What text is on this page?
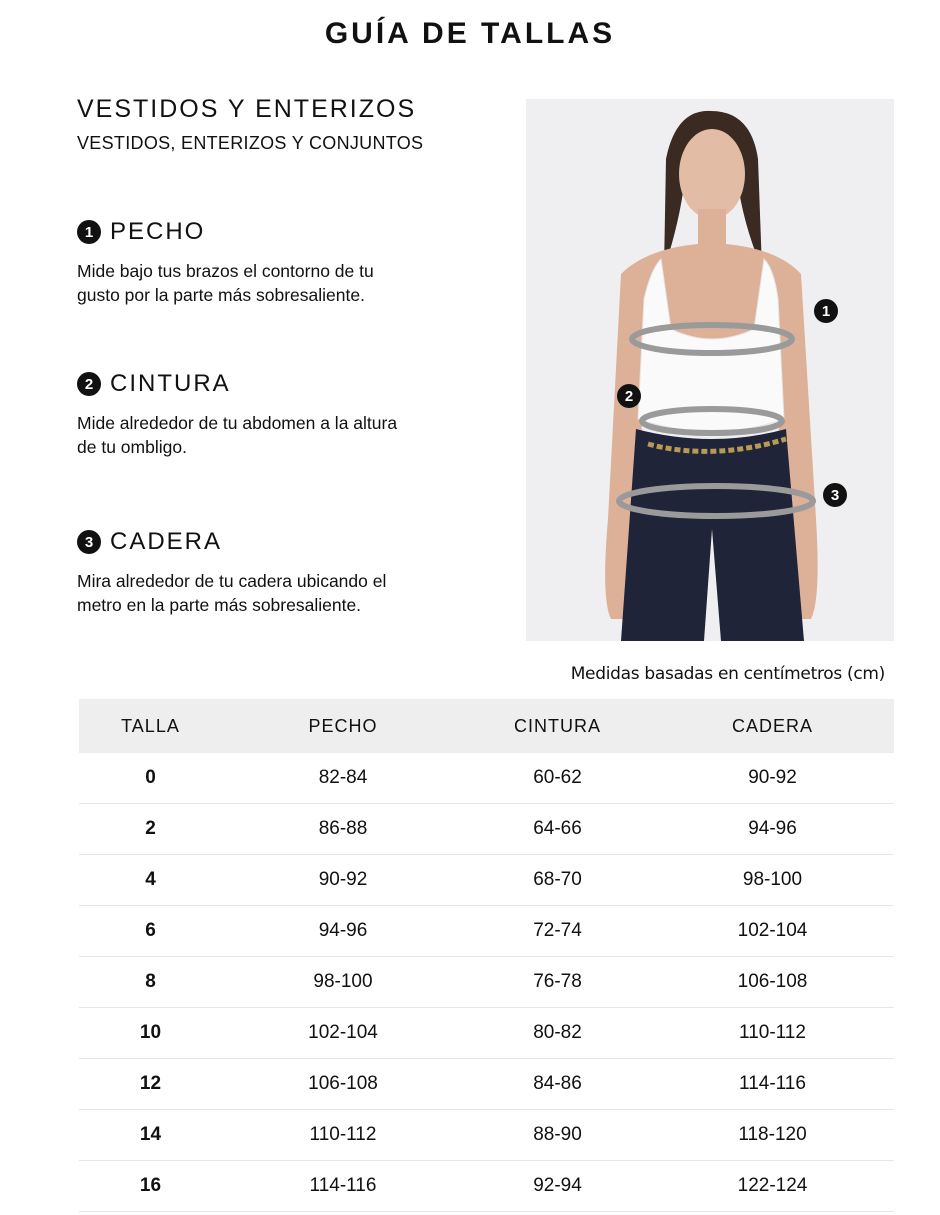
GUÍA DE TALLAS
VESTIDOS Y ENTERIZOS
VESTIDOS, ENTERIZOS Y CONJUNTOS
1 PECHO
Mide bajo tus brazos el contorno de tu gusto por la parte más sobresaliente.
2 CINTURA
Mide alrededor de tu abdomen a la altura de tu ombligo.
3 CADERA
Mira alrededor de tu cadera ubicando el metro en la parte más sobresaliente.
1
2
3
Medidas basadas en centímetros (cm)
TALLA	PECHO	CINTURA	CADERA
0	82-84	60-62	90-92
2	86-88	64-66	94-96
4	90-92	68-70	98-100
6	94-96	72-74	102-104
8	98-100	76-78	106-108
10	102-104	80-82	110-112
12	106-108	84-86	114-116
14	110-112	88-90	118-120
16	114-116	92-94	122-124
